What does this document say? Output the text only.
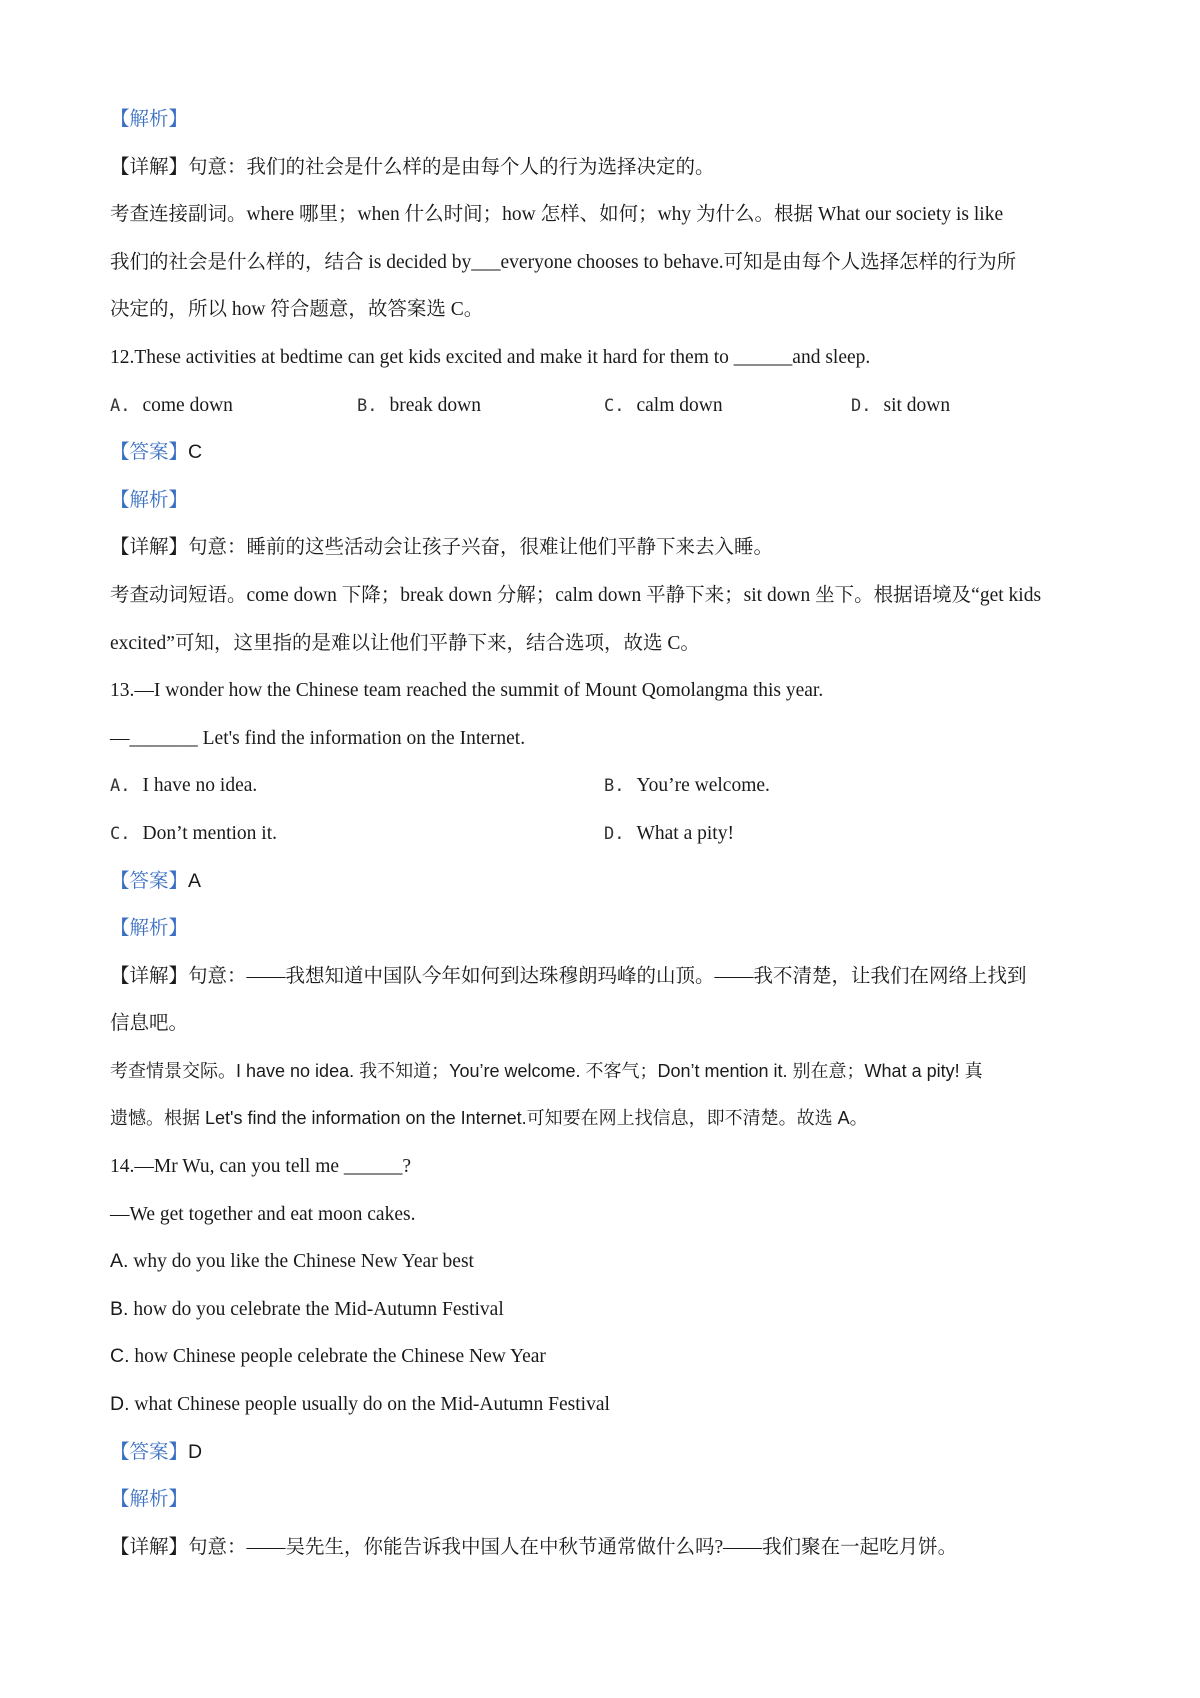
【解析】
【详解】句意：我们的社会是什么样的是由每个人的行为选择决定的。
考查连接副词。where 哪里；when 什么时间；how 怎样、如何；why 为什么。根据 What our society is like
我们的社会是什么样的，结合 is decided by___everyone chooses to behave.可知是由每个人选择怎样的行为所
决定的，所以 how 符合题意，故答案选 C。
12.These activities at bedtime can get kids excited and make it hard for them to ______and sleep.
A. come down	B. break down	C. calm down	D. sit down
【答案】C
【解析】
【详解】句意：睡前的这些活动会让孩子兴奋，很难让他们平静下来去入睡。
考查动词短语。come down 下降；break down 分解；calm down 平静下来；sit down 坐下。根据语境及“get kids
excited”可知，这里指的是难以让他们平静下来，结合选项，故选 C。
13.—I wonder how the Chinese team reached the summit of Mount Qomolangma this year.
—_______ Let's find the information on the Internet.
A. I have no idea.	B. You’re welcome.
C. Don’t mention it.	D. What a pity!
【答案】A
【解析】
【详解】句意：——我想知道中国队今年如何到达珠穆朗玛峰的山顶。——我不清楚，让我们在网络上找到
信息吧。
考查情景交际。I have no idea. 我不知道；You’re welcome. 不客气；Don’t mention it. 别在意；What a pity! 真
遗憾。根据 Let's find the information on the Internet.可知要在网上找信息，即不清楚。故选 A。
14.—Mr Wu, can you tell me ______?
—We get together and eat moon cakes.
A. why do you like the Chinese New Year best
B. how do you celebrate the Mid-Autumn Festival
C. how Chinese people celebrate the Chinese New Year
D. what Chinese people usually do on the Mid-Autumn Festival
【答案】D
【解析】
【详解】句意：——吴先生，你能告诉我中国人在中秋节通常做什么吗?——我们聚在一起吃月饼。
